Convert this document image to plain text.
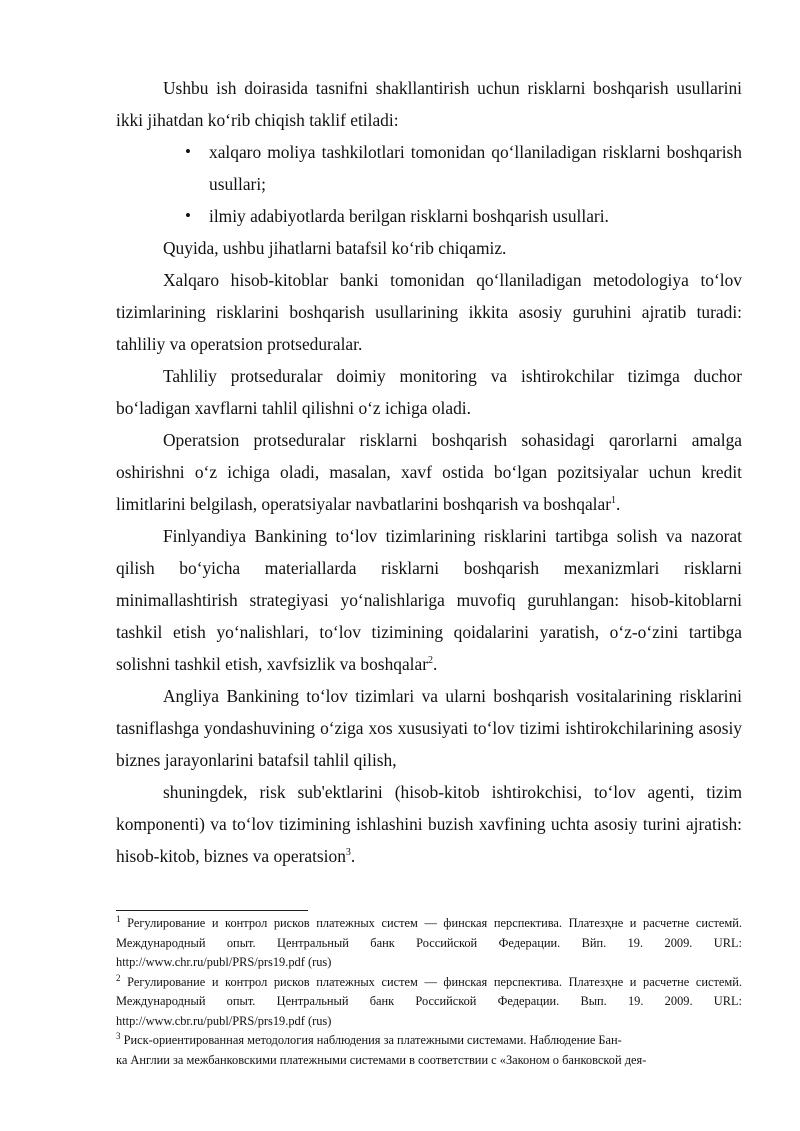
Ushbu ish doirasida tasnifni shakllantirish uchun risklarni boshqarish usullarini ikki jihatdan ko‘rib chiqish taklif etiladi:

• xalqaro moliya tashkilotlari tomonidan qo‘llaniladigan risklarni boshqarish usullari;
• ilmiy adabiyotlarda berilgan risklarni boshqarish usullari.

Quyida, ushbu jihatlarni batafsil ko‘rib chiqamiz.

Xalqaro hisob-kitoblar banki tomonidan qo‘llaniladigan metodologiya to‘lov tizimlarining risklarini boshqarish usullarining ikkita asosiy guruhini ajratib turadi: tahliliy va operatsion protseduralar.

Tahliliy protseduralar doimiy monitoring va ishtirokchilar tizimga duchor bo‘ladigan xavflarni tahlil qilishni o‘z ichiga oladi.

Operatsion protseduralar risklarni boshqarish sohasidagi qarorlarni amalga oshirishni o‘z ichiga oladi, masalan, xavf ostida bo‘lgan pozitsiyalar uchun kredit limitlarini belgilash, operatsiyalar navbatlarini boshqarish va boshqalar$^1$.

Finlyandiya Bankining to‘lov tizimlarining risklarini tartibga solish va nazorat qilish bo‘yicha materiallarda risklarni boshqarish mexanizmlari risklarni minimallashtirish strategiyasi yo‘nalishlariga muvofiq guruhlangan: hisob-kitoblarni tashkil etish yo‘nalishlari, to‘lov tizimining qoidalarini yaratish, o‘z-o‘zini tartibga solishni tashkil etish, xavfsizlik va boshqalar$^2$.

Angliya Bankining to‘lov tizimlari va ularni boshqarish vositalarining risklarini tasniflashga yondashuvining o‘ziga xos xususiyati to‘lov tizimi ishtirokchilarining asosiy biznes jarayonlarini batafsil tahlil qilish,

shuningdek, risk sub'ektlarini (hisob-kitob ishtirokchisi, to‘lov agenti, tizim komponenti) va to‘lov tizimining ishlashini buzish xavfining uchta asosiy turini ajratish: hisob-kitob, biznes va operatsion$^3$.

$^1$ Регулирование и контрол рисков платежных систем — финская перспектива. Платезҳне и расчетне системй. Международный опыт. Центральный банк Российской Федерации. Вйп. 19. 2009. URL: http://www.chr.ru/publ/PRS/prs19.pdf (rus)

$^2$ Регулирование и контрол рисков платежных систем — финская перспектива. Платезҳне и расчетне системй. Международный опыт. Центральный банк Российской Федерации. Вып. 19. 2009. URL: http://www.cbr.ru/publ/PRS/prs19.pdf (rus)

$^3$ Риск-ориентированная методология наблюдения за платежными системами. Наблюдение Бан-
ка Англии за межбанковскими платежными системами в соответствии с «Законом о банковской дея-
